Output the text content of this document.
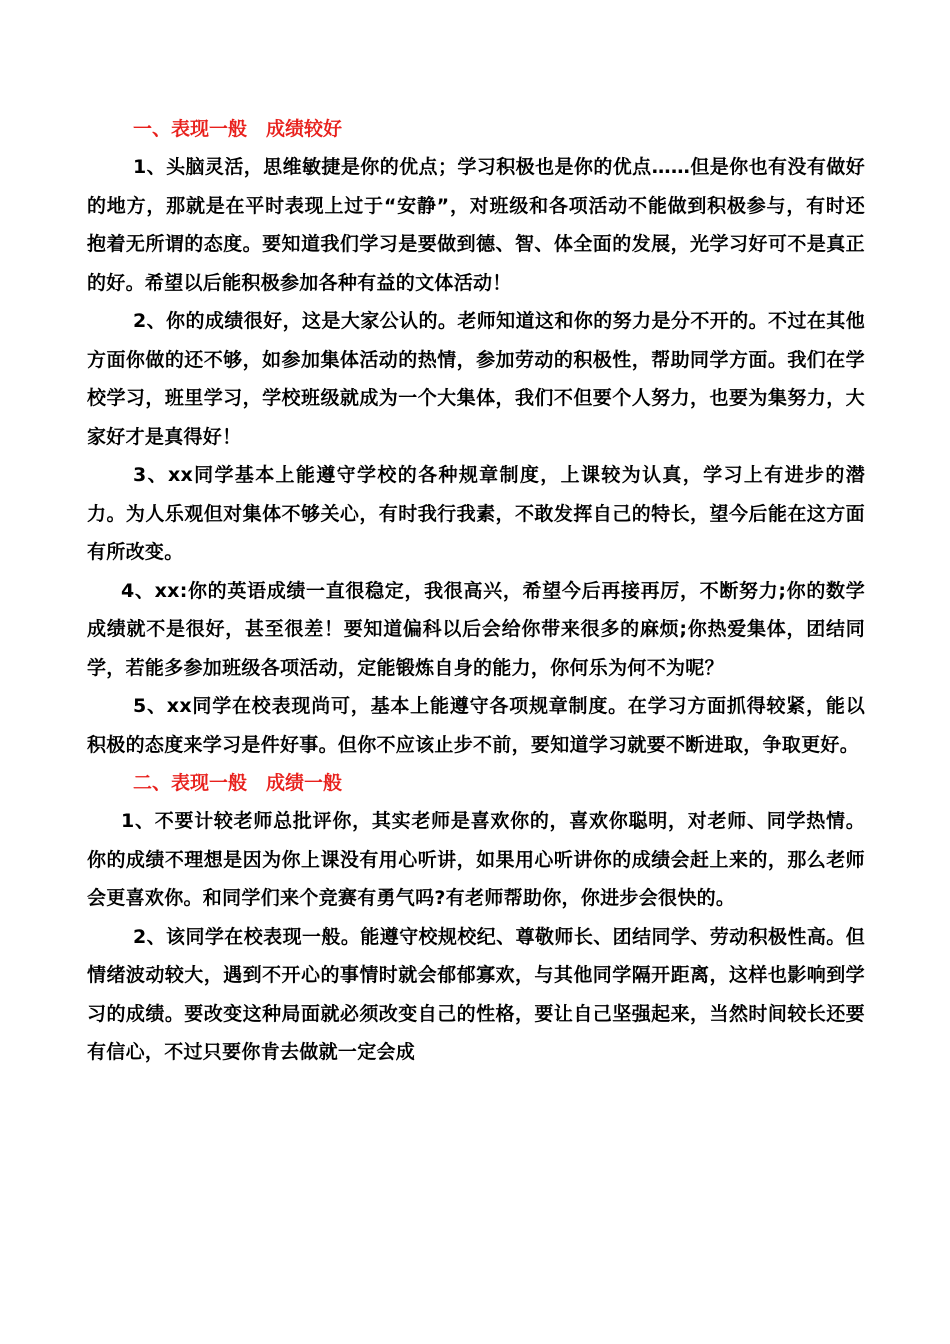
一、表现一般　成绩较好

1、头脑灵活，思维敏捷是你的优点；学习积极也是你的优点……但是你也有没有做好的地方，那就是在平时表现上过于“安静”，对班级和各项活动不能做到积极参与，有时还抱着无所谓的态度。要知道我们学习是要做到德、智、体全面的发展，光学习好可不是真正的好。希望以后能积极参加各种有益的文体活动！

2、你的成绩很好，这是大家公认的。老师知道这和你的努力是分不开的。不过在其他方面你做的还不够，如参加集体活动的热情，参加劳动的积极性，帮助同学方面。我们在学校学习，班里学习，学校班级就成为一个大集体，我们不但要个人努力，也要为集努力，大家好才是真得好！

3、xx同学基本上能遵守学校的各种规章制度，上课较为认真，学习上有进步的潜力。为人乐观但对集体不够关心，有时我行我素，不敢发挥自己的特长，望今后能在这方面有所改变。

4、xx:你的英语成绩一直很稳定，我很高兴，希望今后再接再厉，不断努力;你的数学成绩就不是很好，甚至很差！要知道偏科以后会给你带来很多的麻烦;你热爱集体，团结同学，若能多参加班级各项活动，定能锻炼自身的能力，你何乐为何不为呢？

5、xx同学在校表现尚可，基本上能遵守各项规章制度。在学习方面抓得较紧，能以积极的态度来学习是件好事。但你不应该止步不前，要知道学习就要不断进取，争取更好。

二、表现一般　成绩一般

1、不要计较老师总批评你，其实老师是喜欢你的，喜欢你聪明，对老师、同学热情。你的成绩不理想是因为你上课没有用心听讲，如果用心听讲你的成绩会赶上来的，那么老师会更喜欢你。和同学们来个竞赛有勇气吗?有老师帮助你，你进步会很快的。

2、该同学在校表现一般。能遵守校规校纪、尊敬师长、团结同学、劳动积极性高。但情绪波动较大，遇到不开心的事情时就会郁郁寡欢，与其他同学隔开距离，这样也影响到学习的成绩。要改变这种局面就必须改变自己的性格，要让自己坚强起来，当然时间较长还要有信心，不过只要你肯去做就一定会成
